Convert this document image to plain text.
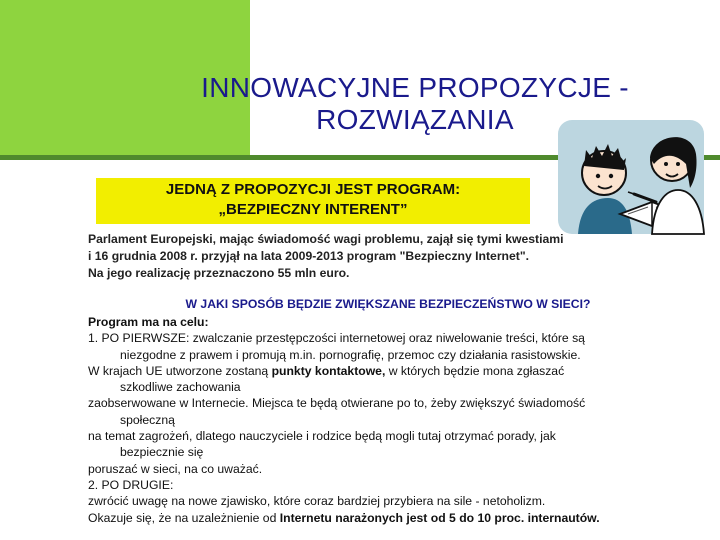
INNOWACYJNE PROPOZYCJE -
ROZWIĄZANIA
JEDNĄ Z PROPOZYCJI JEST PROGRAM:
„BEZPIECZNY INTERENT”
Parlament Europejski, mając świadomość wagi problemu, zajął się tymi kwestiami
i 16 grudnia 2008 r. przyjął na lata 2009-2013 program "Bezpieczny Internet".
Na jego realizację przeznaczono 55 mln euro.
W JAKI SPOSÓB BĘDZIE ZWIĘKSZANE BEZPIECZEŃSTWO W SIECI?

Program ma na celu:

1. PO PIERWSZE: zwalczanie przestępczości internetowej oraz niwelowanie treści, które są

niezgodne z prawem i promują m.in. pornografię, przemoc czy działania rasistowskie.

W krajach UE utworzone zostaną punkty kontaktowe, w których będzie mona zgłaszać

szkodliwe zachowania

zaobserwowane w Internecie. Miejsca te będą otwierane po to, żeby zwiększyć świadomość

społeczną

na temat zagrożeń, dlatego nauczyciele i rodzice będą mogli tutaj otrzymać porady, jak

bezpiecznie się

poruszać w sieci, na co uważać.

2. PO DRUGIE:

zwrócić uwagę na nowe zjawisko, które coraz bardziej przybiera na sile - netoholizm.

Okazuje się, że na uzależnienie od Internetu narażonych jest od 5 do 10 proc. internautów.
